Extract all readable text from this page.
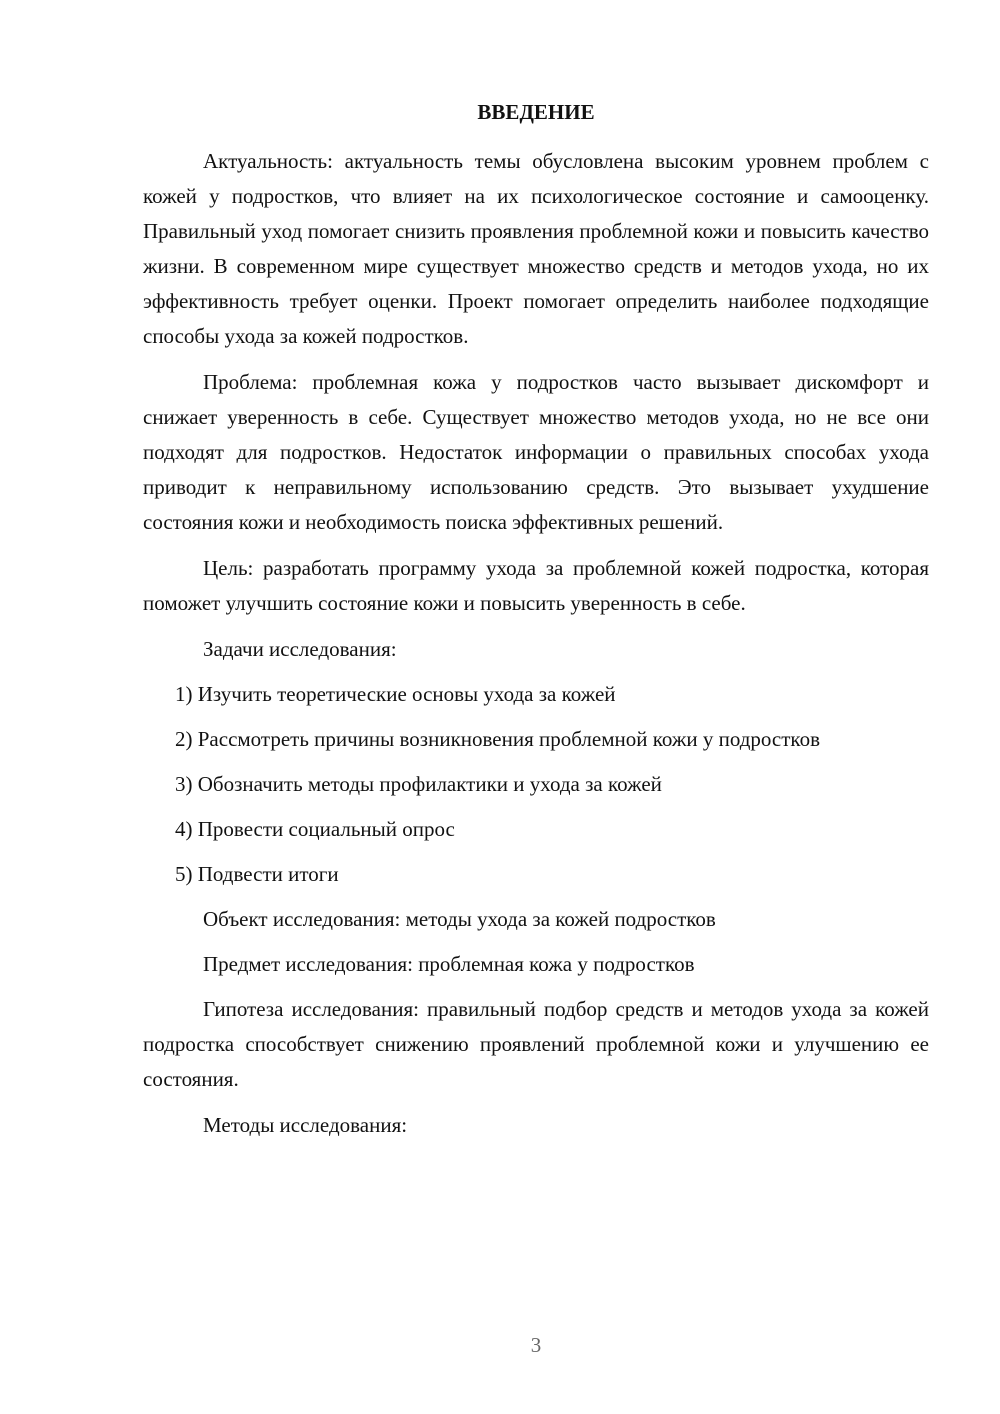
ВВЕДЕНИЕ

Актуальность: актуальность темы обусловлена высоким уровнем проблем с кожей у подростков, что влияет на их психологическое состояние и самооценку. Правильный уход помогает снизить проявления проблемной кожи и повысить качество жизни. В современном мире существует множество средств и методов ухода, но их эффективность требует оценки. Проект помогает определить наиболее подходящие способы ухода за кожей подростков.

Проблема: проблемная кожа у подростков часто вызывает дискомфорт и снижает уверенность в себе. Существует множество методов ухода, но не все они подходят для подростков. Недостаток информации о правильных способах ухода приводит к неправильному использованию средств. Это вызывает ухудшение состояния кожи и необходимость поиска эффективных решений.

Цель: разработать программу ухода за проблемной кожей подростка, которая поможет улучшить состояние кожи и повысить уверенность в себе.

Задачи исследования:

1) Изучить теоретические основы ухода за кожей

2) Рассмотреть причины возникновения проблемной кожи у подростков

3) Обозначить методы профилактики и ухода за кожей

4) Провести социальный опрос

5) Подвести итоги

Объект исследования: методы ухода за кожей подростков

Предмет исследования: проблемная кожа у подростков

Гипотеза исследования: правильный подбор средств и методов ухода за кожей подростка способствует снижению проявлений проблемной кожи и улучшению ее состояния.

Методы исследования:

3
